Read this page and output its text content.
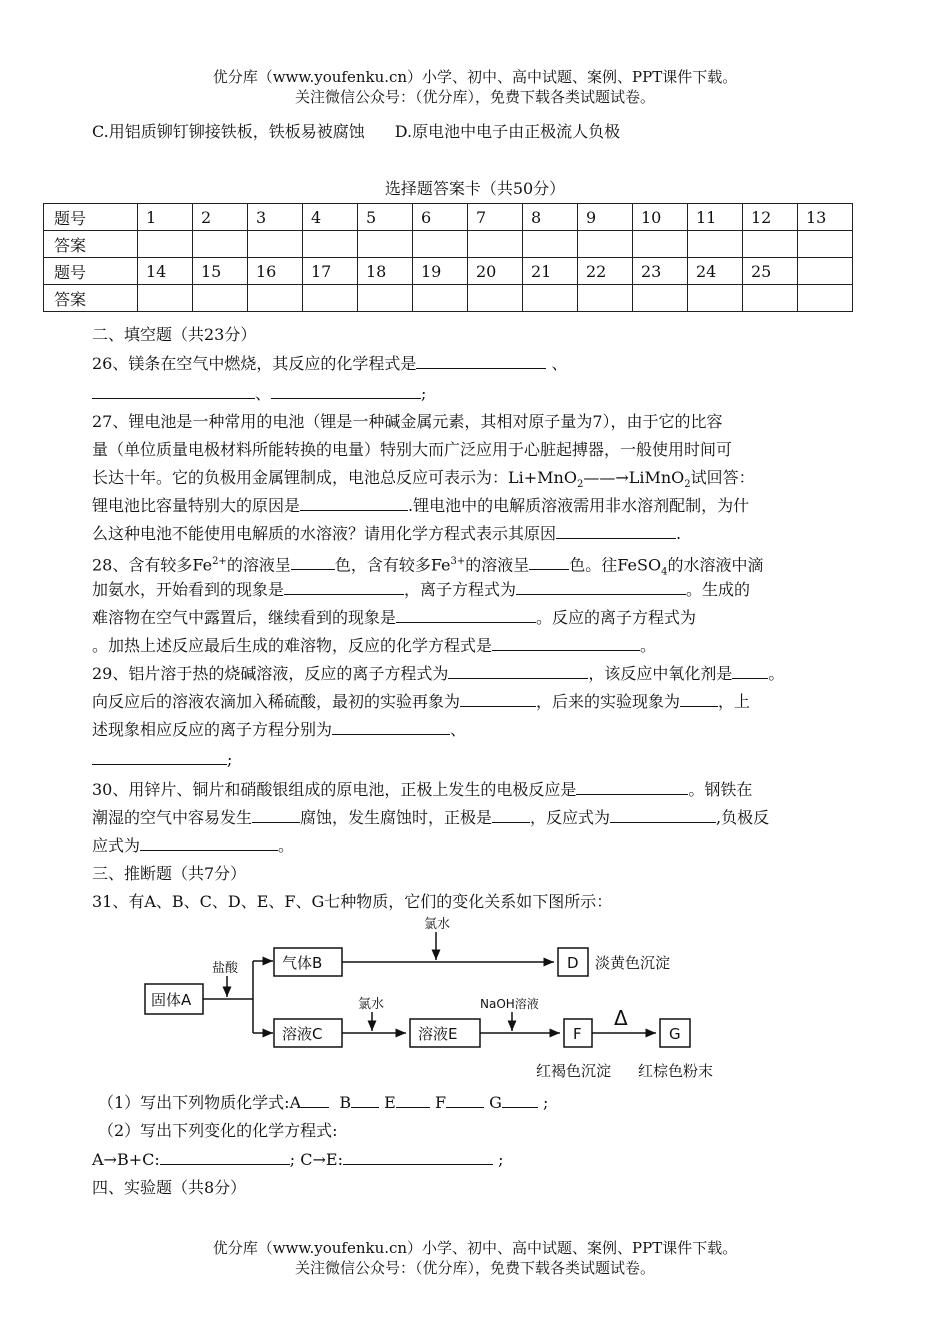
优分库（www.youfenku.cn）小学、初中、高中试题、案例、PPT课件下载。
关注微信公众号：（优分库），免费下载各类试题试卷。
C.用铝质铆钉铆接铁板，铁板易被腐蚀 D.原电池中电子由正极流人负极
选择题答案卡（共50分）
题号	1	2	3	4	5	6	7	8	9	10	11	12	13
答案													
题号	14	15	16	17	18	19	20	21	22	23	24	25	
答案													
二、填空题（共23分）
26、镁条在空气中燃烧，其反应的化学程式是	、
、	;
27、锂电池是一种常用的电池（锂是一种碱金属元素，其相对原子量为7），由于它的比容
量（单位质量电极材料所能转换的电量）特别大而广泛应用于心脏起搏器，一般使用时间可
长达十年。它的负极用金属锂制成，电池总反应可表示为：Li+MnO$_2$——→LiMnO$_2$试回答：
锂电池比容量特别大的原因是	.锂电池中的电解质溶液需用非水溶剂配制，为什
么这种电池不能使用电解质的水溶液？请用化学方程式表示其原因	.
28、含有较多$Fe^{2+}$的溶液呈	色，含有较多$Fe^{3+}$的溶液呈	色。往FeSO$_4$的水溶液中滴
加氨水，开始看到的现象是	，离子方程式为	。生成的
难溶物在空气中露置后，继续看到的现象是	。反应的离子方程式为
。加热上述反应最后生成的难溶物，反应的化学方程式是	。
29、铝片溶于热的烧碱溶液，反应的离子方程式为	，该反应中氧化剂是 。
向反应后的溶液农滴加入稀硫酸，最初的实验再象为	，后来的实验现象为 ，上
述现象相应反应的离子方程分别为	、
;
30、用锌片、铜片和硝酸银组成的原电池，正极上发生的电极反应是	。钢铁在
潮湿的空气中容易发生	腐蚀，发生腐蚀时，正极是 ，反应式为	,负极反
应式为	。
三、推断题（共7分）
31、有A、B、C、D、E、F、G七种物质，它们的变化关系如下图所示：
固体A
盐酸	气体B
氯水
D 淡黄色沉淀
溶液C
氯水
溶液E
NaOH溶液
F
Δ
G
红褐色沉淀 红棕色粉末
（1）写出下列物质化学式:A B E F	G	;
（2）写出下列变化的化学方程式:
A→B+C:	; C→E:	;
四、实验题（共8分）
优分库（www.youfenku.cn）小学、初中、高中试题、案例、PPT课件下载。
关注微信公众号：（优分库），免费下载各类试题试卷。
